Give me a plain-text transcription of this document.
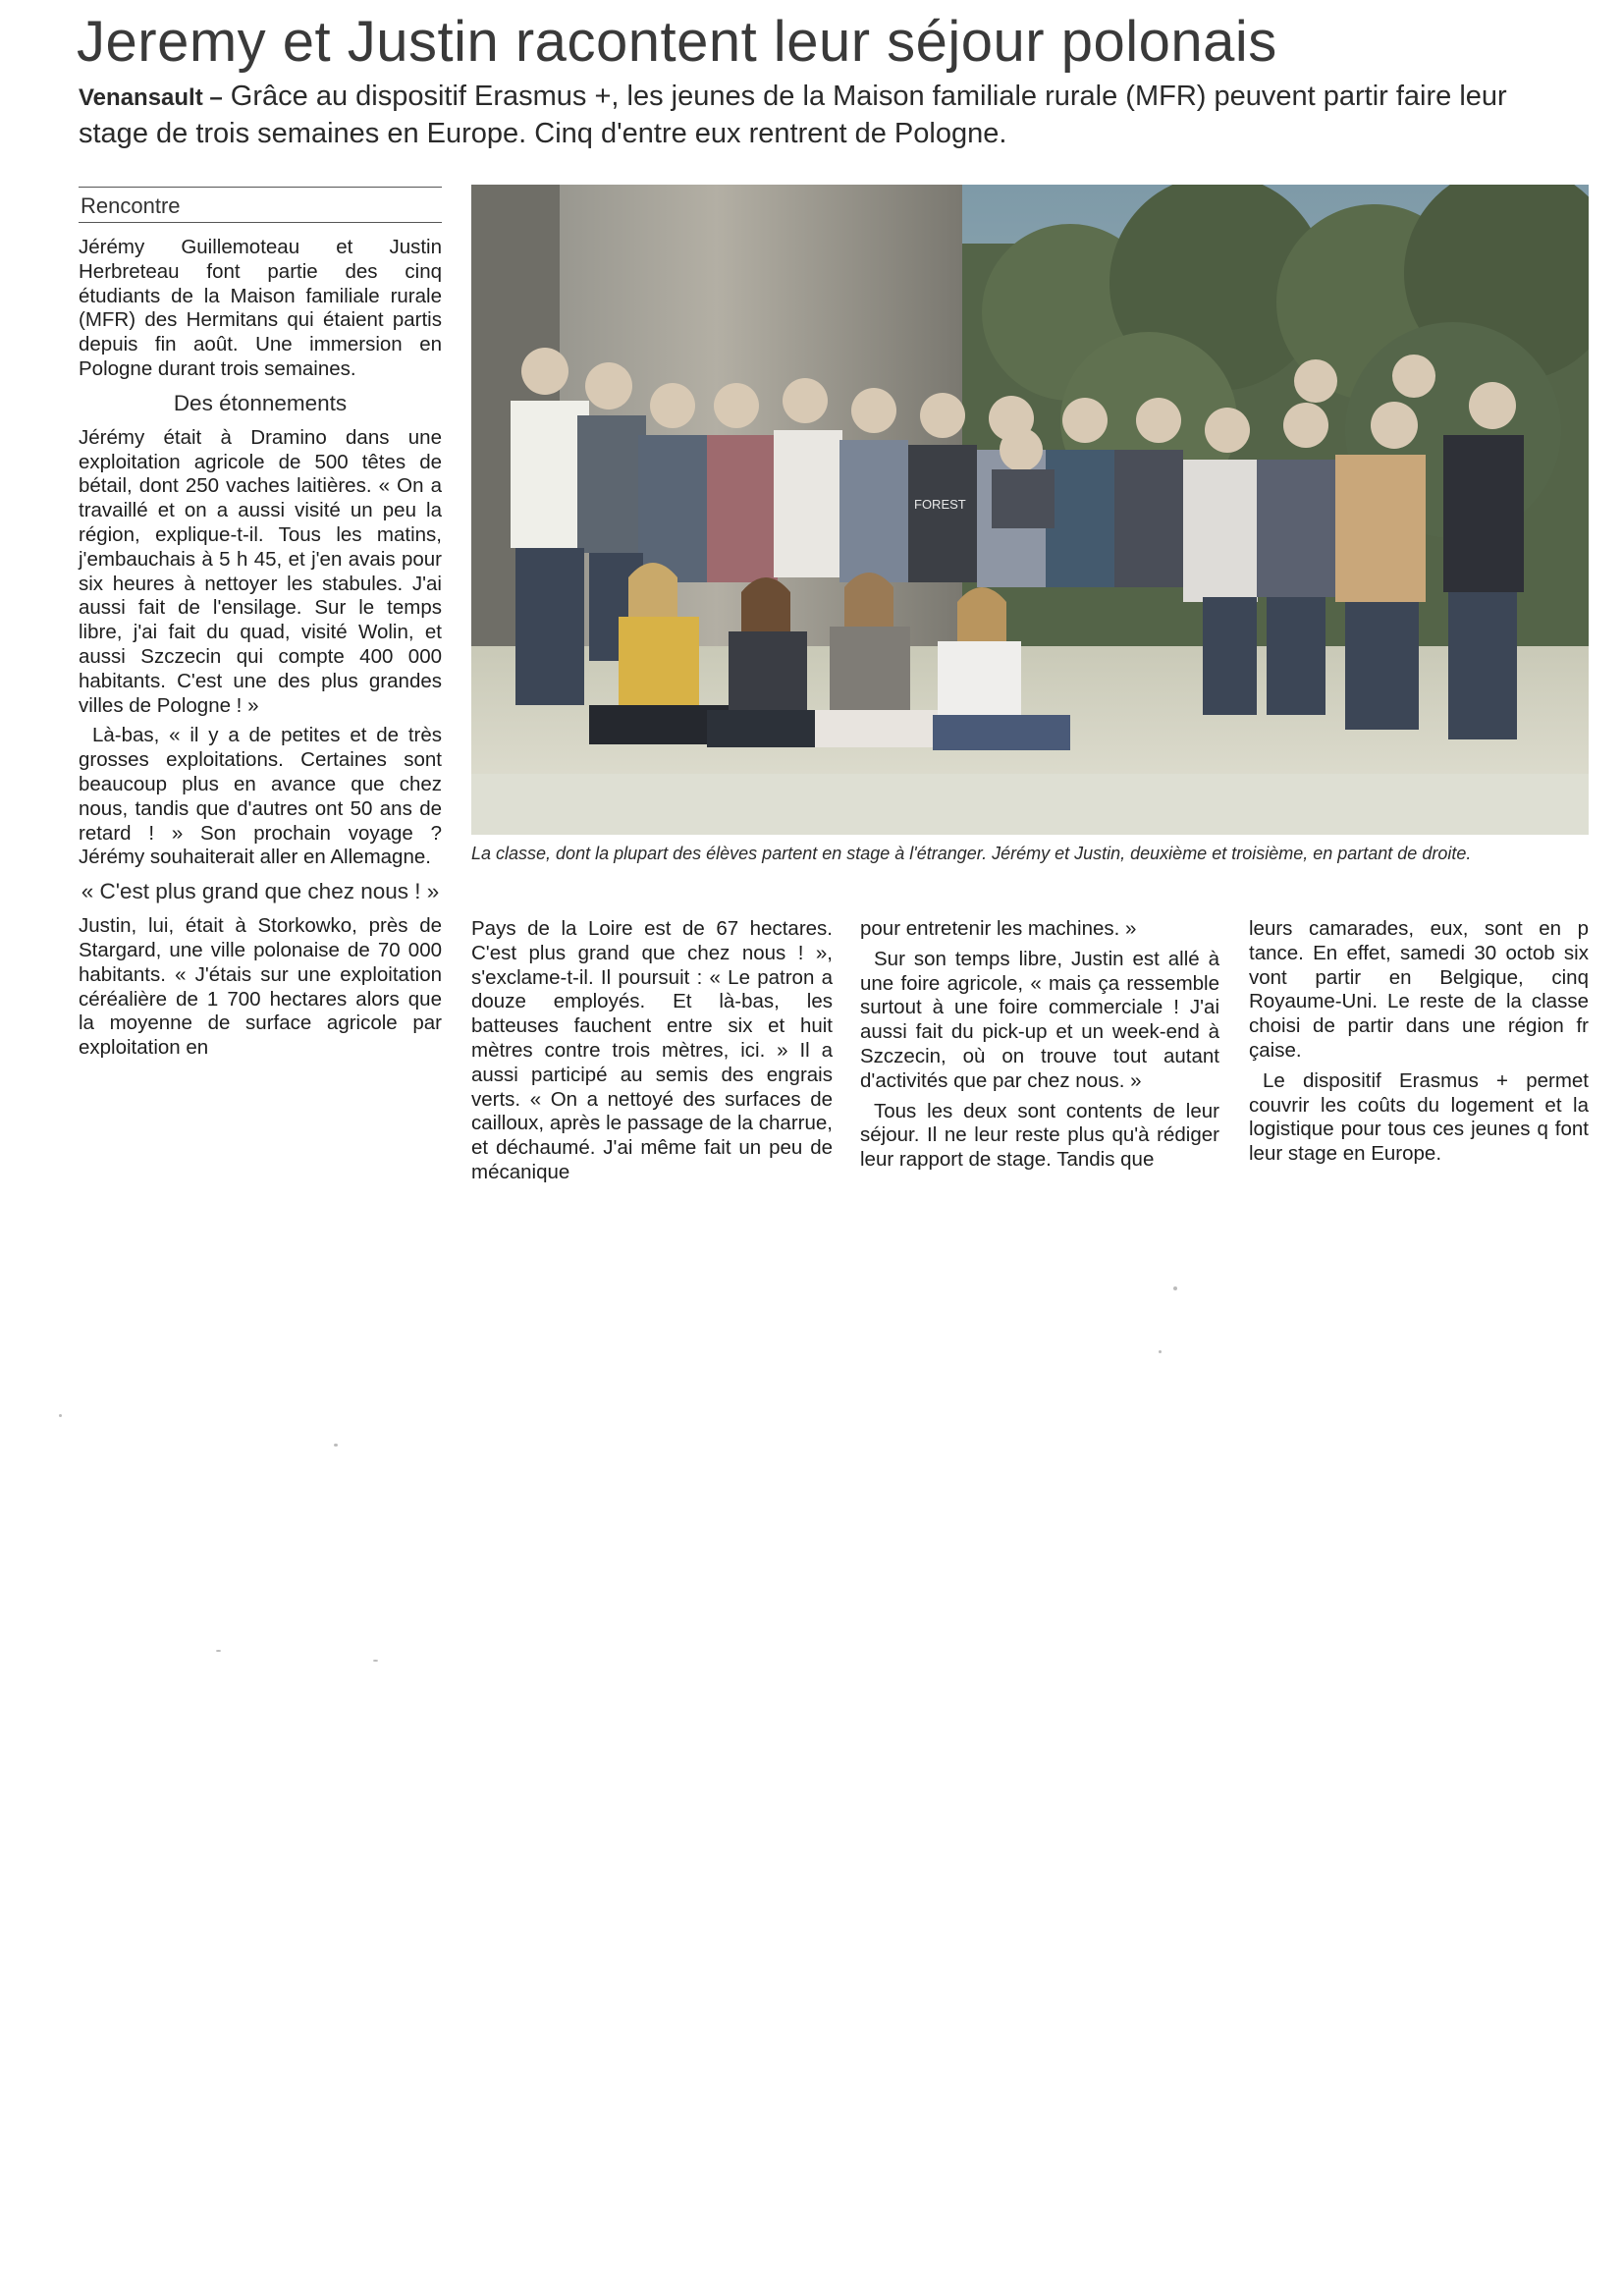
Jeremy et Justin racontent leur séjour polonais
Venansault – Grâce au dispositif Erasmus +, les jeunes de la Maison familiale rurale (MFR) peuvent partir faire leur stage de trois semaines en Europe. Cinq d'entre eux rentrent de Pologne.
Rencontre

Jérémy Guillemoteau et Justin Herbreteau font partie des cinq étudiants de la Maison familiale rurale (MFR) des Hermitans qui étaient partis depuis fin août. Une immersion en Pologne durant trois semaines.

Des étonnements

Jérémy était à Dramino dans une exploitation agricole de 500 têtes de bétail, dont 250 vaches laitières. « On a travaillé et on a aussi visité un peu la région, explique-t-il. Tous les matins, j'embauchais à 5 h 45, et j'en avais pour six heures à nettoyer les stabules. J'ai aussi fait de l'ensilage. Sur le temps libre, j'ai fait du quad, visité Wolin, et aussi Szczecin qui compte 400 000 habitants. C'est une des plus grandes villes de Pologne ! »

Là-bas, « il y a de petites et de très grosses exploitations. Certaines sont beaucoup plus en avance que chez nous, tandis que d'autres ont 50 ans de retard ! » Son prochain voyage ? Jérémy souhaiterait aller en Allemagne.

« C'est plus grand que chez nous ! »

Justin, lui, était à Storkowko, près de Stargard, une ville polonaise de 70 000 habitants. « J'étais sur une exploitation céréalière de 1 700 hectares alors que la moyenne de surface agricole par exploitation en

FOREST
La classe, dont la plupart des élèves partent en stage à l'étranger. Jérémy et Justin, deuxième et troisième, en partant de droite.

Pays de la Loire est de 67 hectares. C'est plus grand que chez nous ! », s'exclame-t-il. Il poursuit : « Le patron a douze employés. Et là-bas, les batteuses fauchent entre six et huit mètres contre trois mètres, ici. » Il a aussi participé au semis des engrais verts. « On a nettoyé des surfaces de cailloux, après le passage de la charrue, et déchaumé. J'ai même fait un peu de mécanique

pour entretenir les machines. »

Sur son temps libre, Justin est allé à une foire agricole, « mais ça ressemble surtout à une foire commerciale ! J'ai aussi fait du pick-up et un week-end à Szczecin, où on trouve tout autant d'activités que par chez nous. »

Tous les deux sont contents de leur séjour. Il ne leur reste plus qu'à rédiger leur rapport de stage. Tandis que

leurs camarades, eux, sont en p tance. En effet, samedi 30 octob six vont partir en Belgique, cinq Royaume-Uni. Le reste de la classe choisi de partir dans une région fr çaise.

Le dispositif Erasmus + permet couvrir les coûts du logement et la logistique pour tous ces jeunes q font leur stage en Europe.
